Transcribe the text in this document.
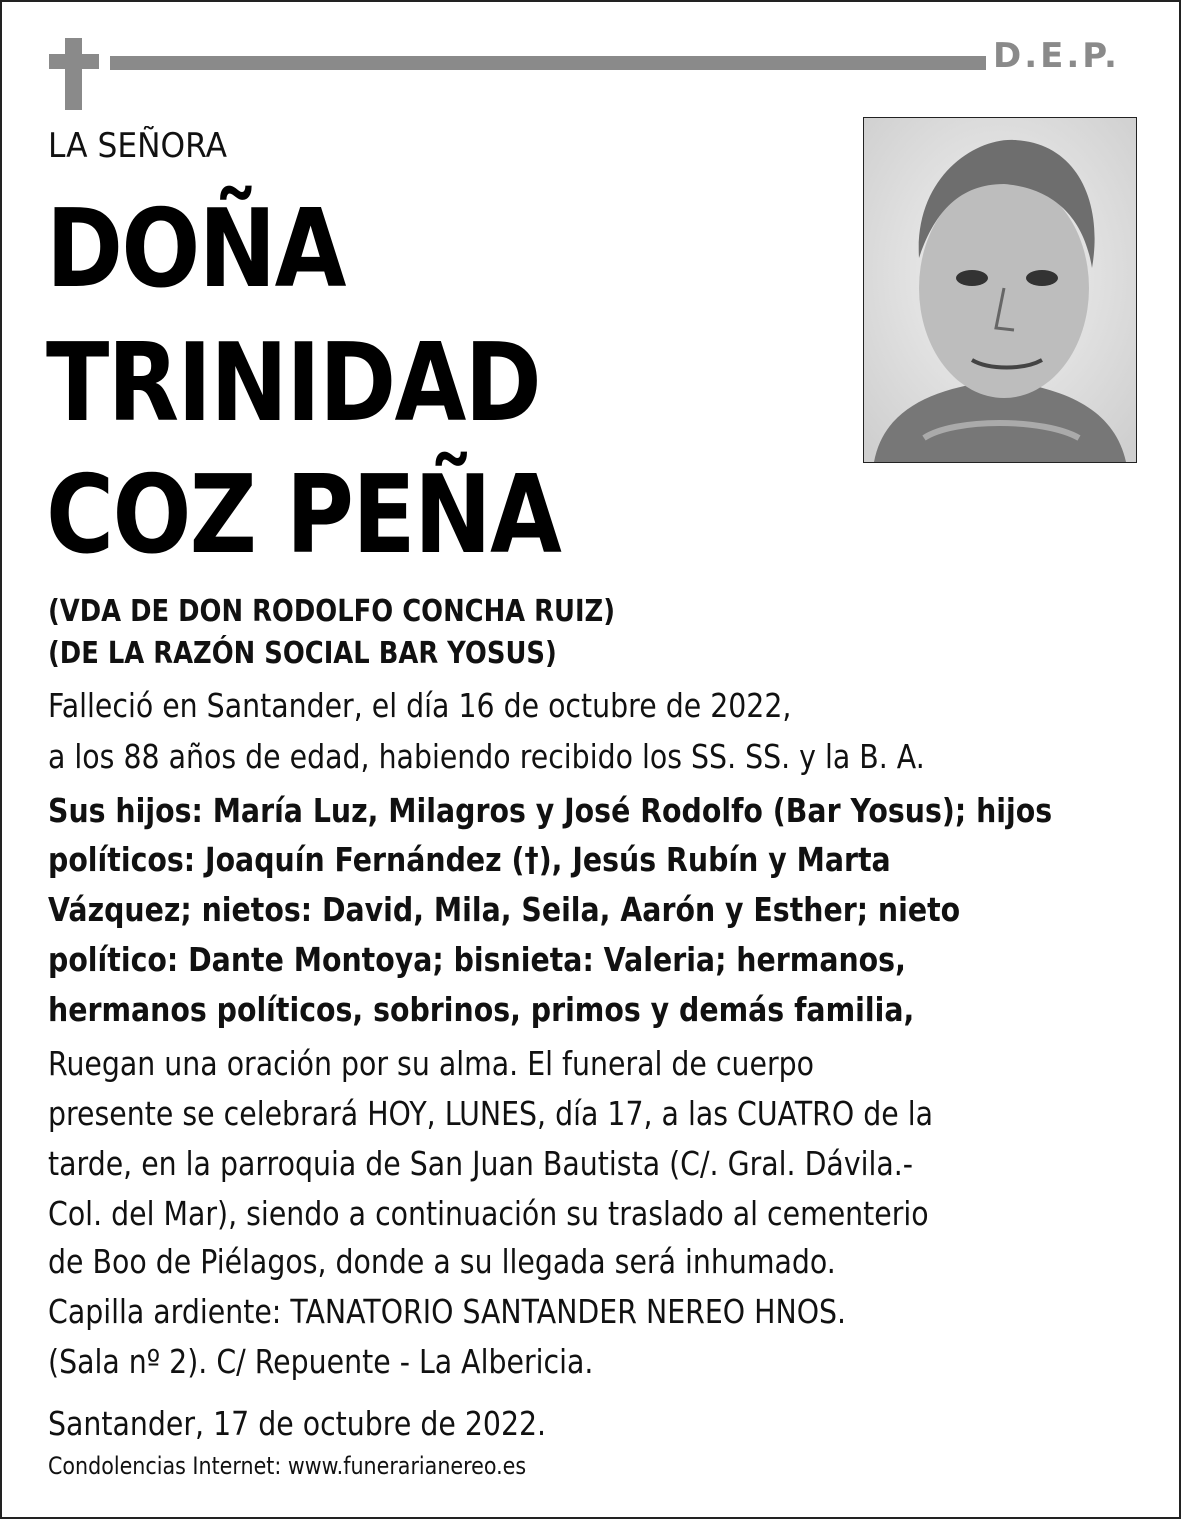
D.E.P.
LA SEÑORA
DOÑA
TRINIDAD
COZ PEÑA
(VDA DE DON RODOLFO CONCHA RUIZ)
(DE LA RAZÓN SOCIAL BAR YOSUS)
Falleció en Santander, el día 16 de octubre de 2022,
a los 88 años de edad, habiendo recibido los SS. SS. y la B. A.
Sus hijos: María Luz, Milagros y José Rodolfo (Bar Yosus); hijos
políticos: Joaquín Fernández (†), Jesús Rubín y Marta
Vázquez; nietos: David, Mila, Seila, Aarón y Esther; nieto
político: Dante Montoya; bisnieta: Valeria; hermanos,
hermanos políticos, sobrinos, primos y demás familia,
Ruegan una oración por su alma. El funeral de cuerpo
presente se celebrará HOY, LUNES, día 17, a las CUATRO de la
tarde, en la parroquia de San Juan Bautista (C/. Gral. Dávila.-
Col. del Mar), siendo a continuación su traslado al cementerio
de Boo de Piélagos, donde a su llegada será inhumado.
Capilla ardiente: TANATORIO SANTANDER NEREO HNOS.
(Sala nº 2). C/ Repuente - La Albericia.
Santander, 17 de octubre de 2022.
Condolencias Internet: www.funerarianereo.es
